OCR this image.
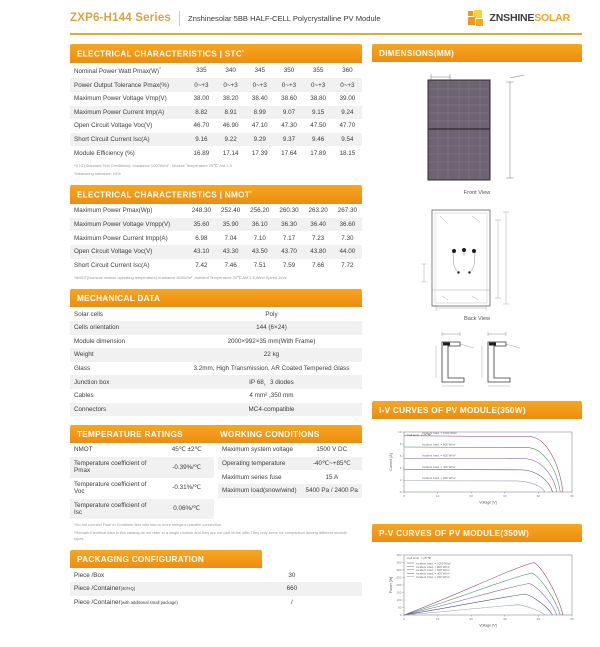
ZXP6-H144 Series Znshinesolar 5BB HALF-CELL Polycrystalline PV Module	ZNSHINESOLAR
ELECTRICAL CHARACTERISTICS | STC*
Nominal Power Watt Pmax(W)*	335	340	345	350	355	360
Power Output Tolerance Pmax(%)	0~+3	0~+3	0~+3	0~+3	0~+3	0~+3
Maximum Power Voltage Vmp(V)	38.00	38.20	38.40	38.60	38.80	39.00
Maximum Power Current Imp(A)	8.82	8.91	8.99	9.07	9.15	9.24
Open Circuit Voltage Voc(V)	46.70	46.90	47.10	47.30	47.50	47.70
Short Circuit Current Isc(A)	9.16	9.22	9.29	9.37	9.46	9.54
Module Efficiency (%)	16.89	17.14	17.39	17.64	17.89	18.15
*STC (Standard Test Conditions): Irradiance 1000W/m² , Module Temperature 25℃, AM 1.5
*Measuring tolerance: ±3%
ELECTRICAL CHARACTERISTICS | NMOT*
Maximum Power Pmax(Wp)	248.30	252.40	256.20	260.30	263.20	267.30
Maximum Power Voltage Vmpp(V)	35.60	35.90	36.10	36.30	36.40	36.60
Maximum Power Current Impp(A)	6.98	7.04	7.10	7.17	7.23	7.30
Open Circuit Voltage Voc(V)	43.10	43.30	43.50	43.70	43.80	44.00
Short Circuit Current Isc(A)	7.42	7.46	7.51	7.59	7.66	7.72
*NMOT(Nominal module operating temperature):Irradiance 800W/m² ,Ambient Temperature 20℃,AM 1.5,Wind Speed 1m/s
MECHANICAL DATA
Solar cells	Poly
Cells orientation	144 (6×24)
Module dimension	2000×992×35 mm(With Frame)
Weight	22 kg
Glass	3.2mm, High Transmission, AR Coated Tempered Glass
Junction box	IP 68，3 diodes
Cables	4 mm² ,350 mm
Connectors	MC4-compatible
TEMPERATURE RATINGS	WORKING CONDITIONS
NMOT	45℃ ±2℃
Temperature coefficient of Pmax	-0.39%/℃
Temperature coefficient of Voc	-0.31%/℃
Temperature coefficient of Isc	0.06%/℃
Maximum system voltage	1500 V DC
Operating temperature	-40℃~+85℃
Maximum series fuse	15 A
Maximum load(snow/wind)	5400 Pa / 2400 Pa
*Do not connect Fuse in Combiner Box with two or more strings in parallel connection
*Remark:Electrical data in this catalog do not refer to a single module and they are not part of the offer.They only serve for comparison among different module types.
PACKAGING CONFIGURATION
Piece /Box	30
Piece /Container(40'HQ)	660
Piece /Container(with additional small package)	/
DIMENSIONS(MM)
Front View
Back View
I-V CURVES OF PV MODULE(350W)
0	10	20	30	40	50
0
2
4
6
8
10
Voltage [V]
Current [A]
Cell temp. = 25 ℃
Incident Irrad. = 1000 W/m²
Incident Irrad. = 800 W/m²
Incident Irrad. = 600 W/m²
Incident Irrad. = 400 W/m²
Incident Irrad. = 200 W/m²
P-V CURVES OF PV MODULE(350W)
0	10	20	30	40	50
0
50
100
150
200
250
300
350
400
Voltage [V]
Power [W]
Cell temp. = 25 ℃
Incident Irrad. = 1000 W/m²
Incident Irrad. = 800 W/m²
Incident Irrad. = 600 W/m²
Incident Irrad. = 400 W/m²
Incident Irrad. = 200 W/m²
